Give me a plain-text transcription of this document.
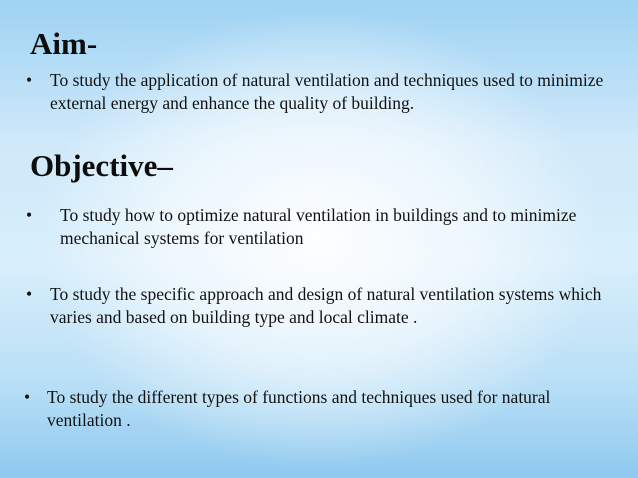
Aim-
• To study the application of natural ventilation and techniques used to minimize external energy and enhance the quality of building.
Objective–
• To study how to optimize natural ventilation in buildings and to minimize mechanical systems for ventilation
• To study the specific approach and design of natural ventilation systems which varies and based on building type and local climate .
• To study the different types of functions and techniques used for natural ventilation .
